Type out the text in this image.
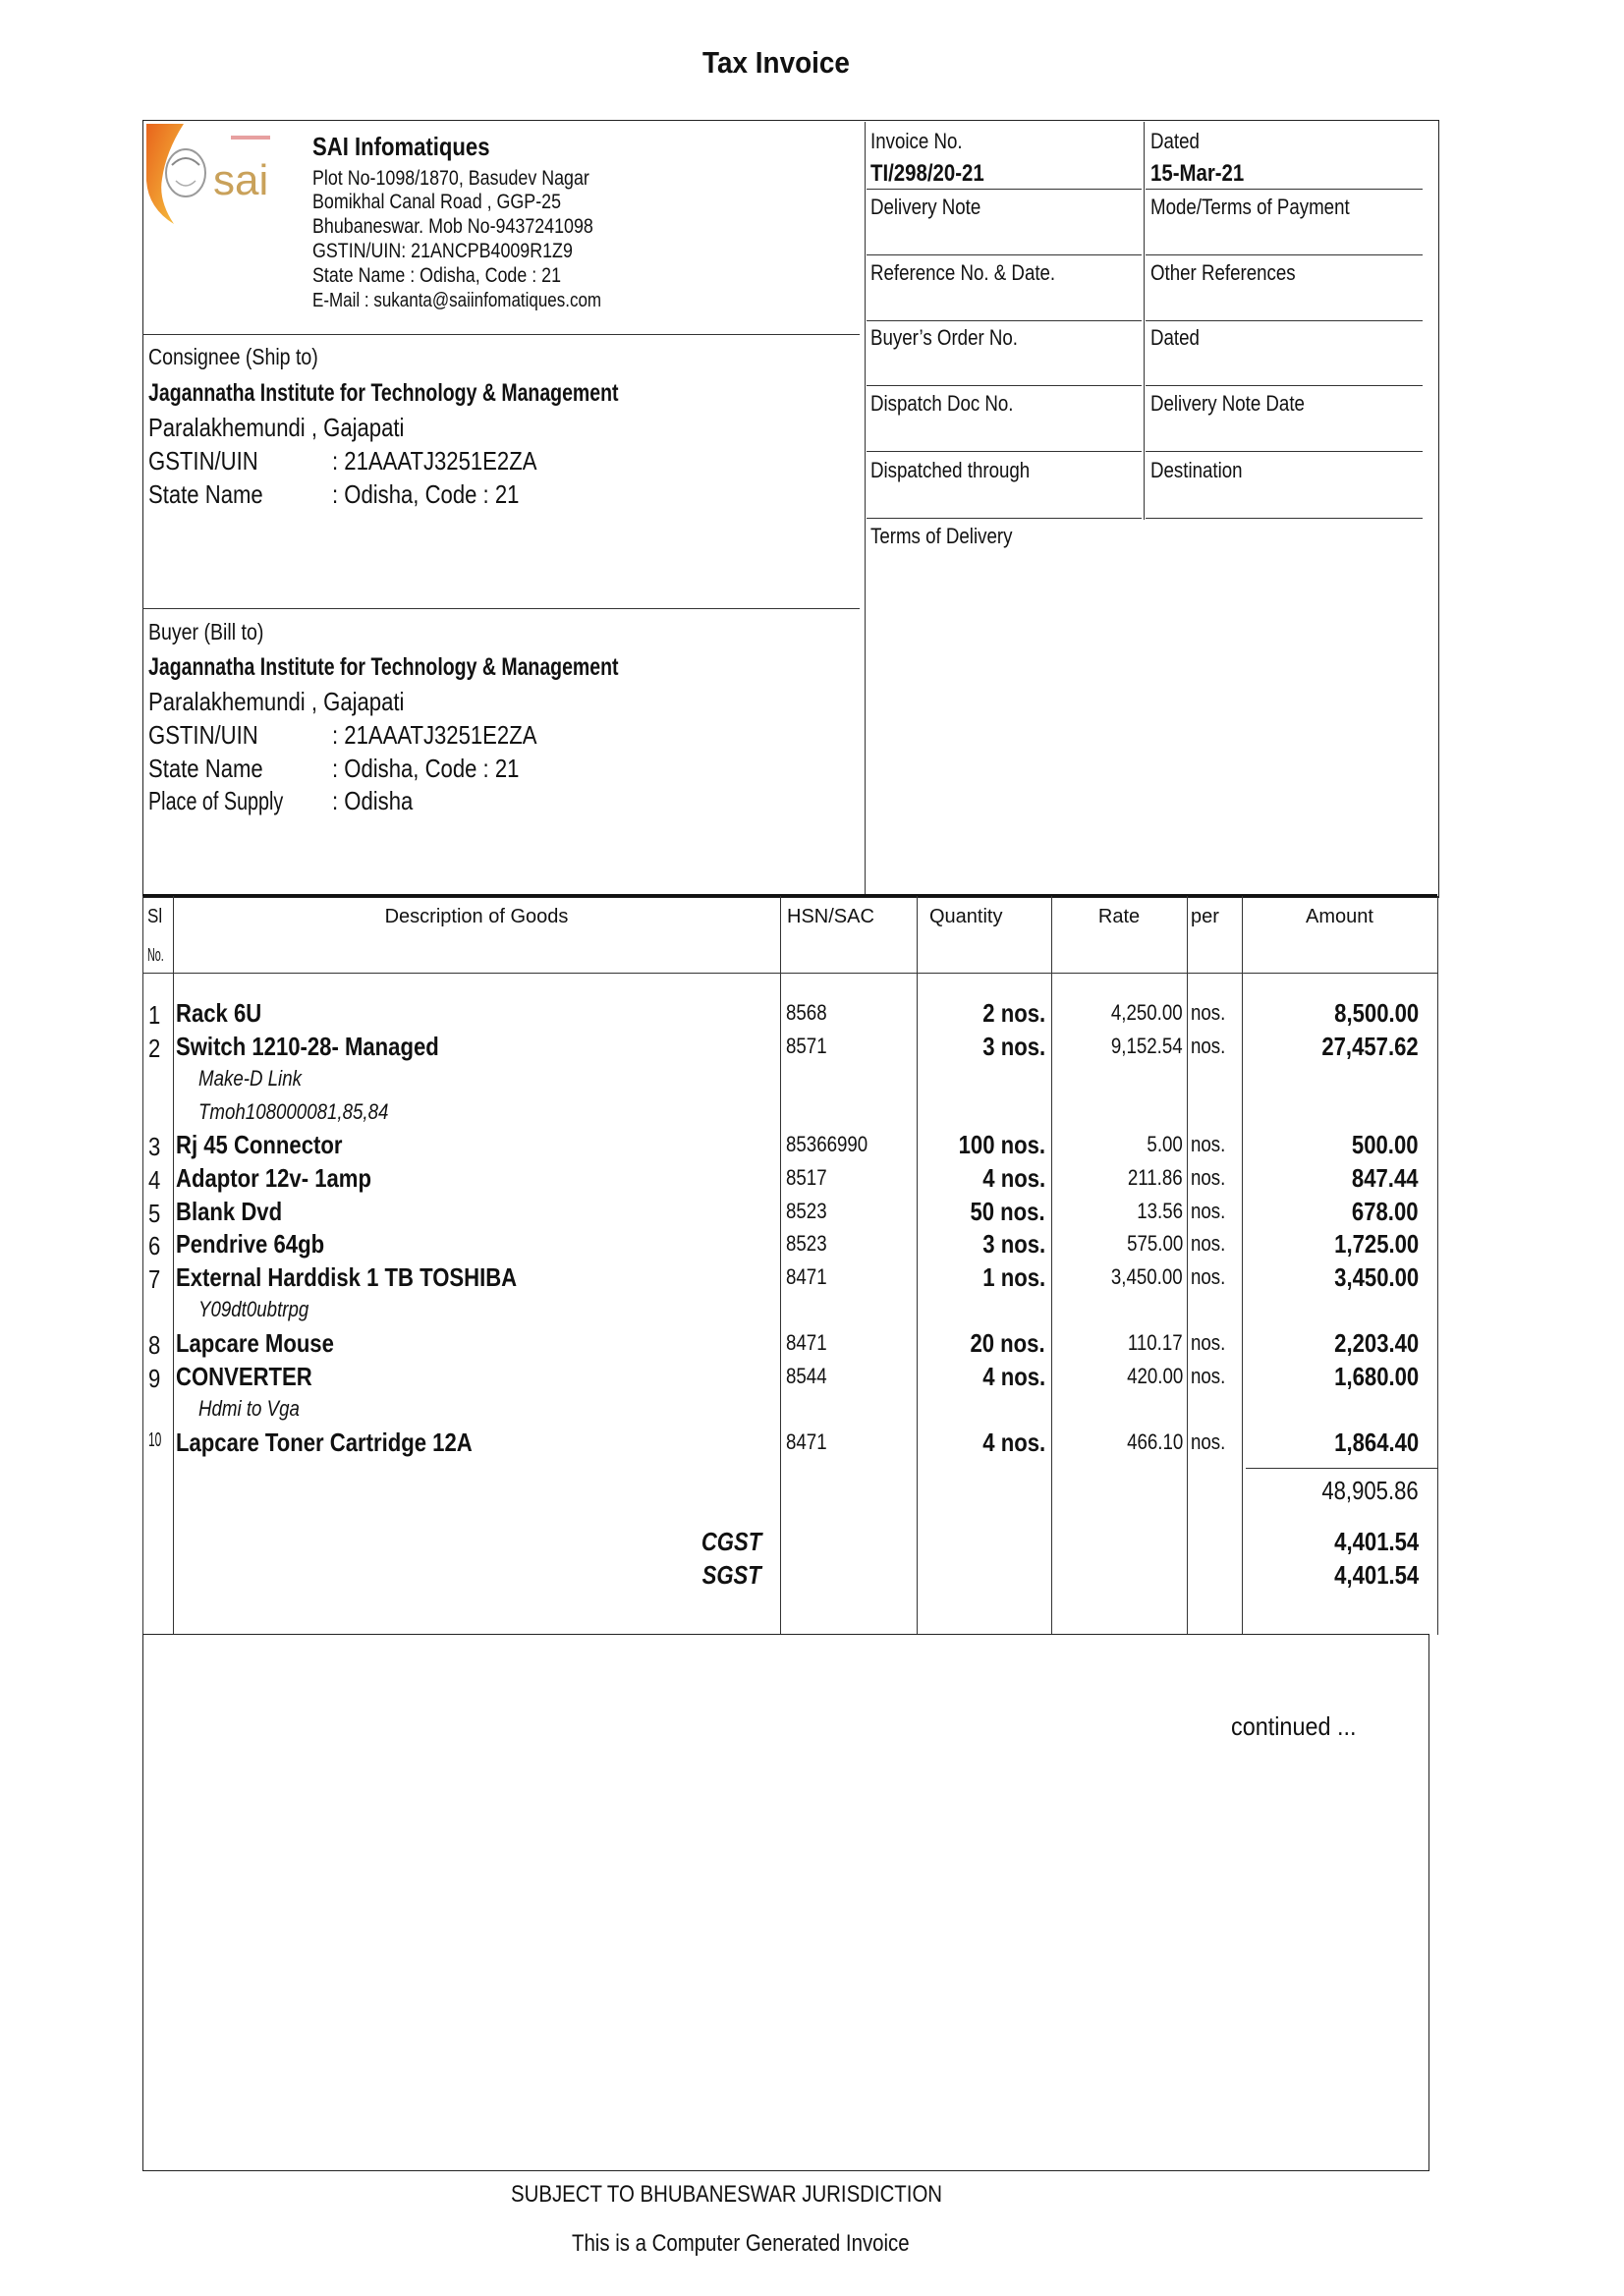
Tax Invoice
sai
SAI Infomatiques
Plot No-1098/1870, Basudev Nagar
Bomikhal Canal Road , GGP-25
Bhubaneswar. Mob No-9437241098
GSTIN/UIN: 21ANCPB4009R1Z9
State Name : Odisha, Code : 21
E-Mail : sukanta@saiinfomatiques.com
Consignee (Ship to)
Jagannatha Institute for Technology & Management
Paralakhemundi , Gajapati
GSTIN/UIN	: 21AAATJ3251E2ZA
State Name	: Odisha, Code : 21
Buyer (Bill to)
Jagannatha Institute for Technology & Management
Paralakhemundi , Gajapati
GSTIN/UIN	: 21AAATJ3251E2ZA
State Name	: Odisha, Code : 21
Place of Supply	: Odisha
Invoice No.
TI/298/20-21
Dated
15-Mar-21
Delivery Note	Mode/Terms of Payment
Reference No. & Date.	Other References
Buyer’s Order No.	Dated
Dispatch Doc No.	Delivery Note Date
Dispatched through	Destination
Terms of Delivery
Sl
No.
Description of Goods	HSN/SAC	Quantity	Rate	per	Amount
1 Rack 6U	8568	2 nos.	4,250.00 nos.	8,500.00
2 Switch 1210-28- Managed	8571	3 nos.	9,152.54 nos.	27,457.62
Make-D Link
Tmoh108000081,85,84
3 Rj 45 Connector	85366990	100 nos.	5.00 nos.	500.00
4 Adaptor 12v- 1amp	8517	4 nos.	211.86 nos.	847.44
5 Blank Dvd	8523	50 nos.	13.56 nos.	678.00
6 Pendrive 64gb	8523	3 nos.	575.00 nos.	1,725.00
7 External Harddisk 1 TB TOSHIBA	8471	1 nos.	3,450.00 nos.	3,450.00
Y09dt0ubtrpg
8 Lapcare Mouse	8471	20 nos.	110.17 nos.	2,203.40
9 CONVERTER	8544	4 nos.	420.00 nos.	1,680.00
Hdmi to Vga
10 Lapcare Toner Cartridge 12A	8471	4 nos.	466.10 nos.	1,864.40
48,905.86
CGST	4,401.54
SGST	4,401.54
continued ...
SUBJECT TO BHUBANESWAR JURISDICTION
This is a Computer Generated Invoice
